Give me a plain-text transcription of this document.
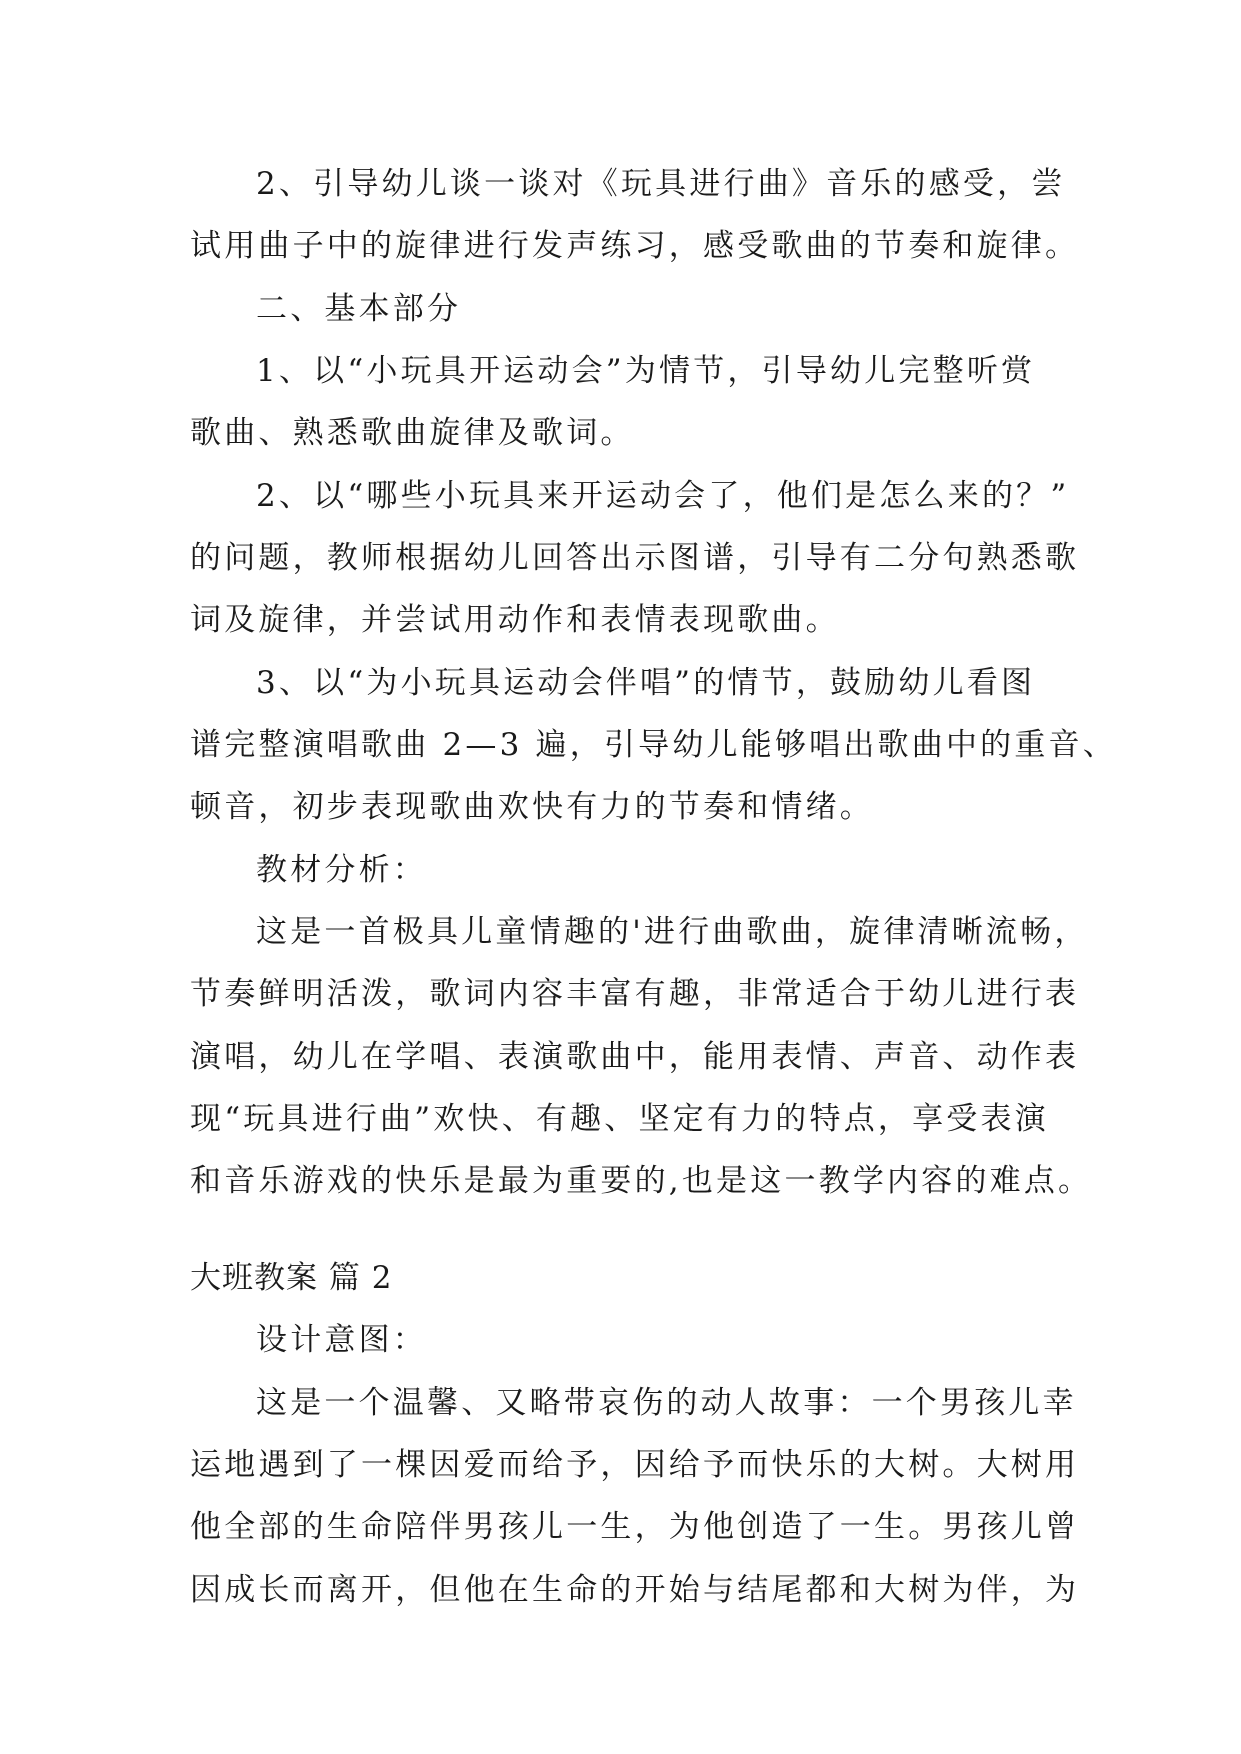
2、引导幼儿谈一谈对《玩具进行曲》音乐的感受，尝
试用曲子中的旋律进行发声练习，感受歌曲的节奏和旋律。
二、基本部分
1、以“小玩具开运动会”为情节，引导幼儿完整听赏
歌曲、熟悉歌曲旋律及歌词。
2、以“哪些小玩具来开运动会了，他们是怎么来的？”
的问题，教师根据幼儿回答出示图谱，引导有二分句熟悉歌
词及旋律，并尝试用动作和表情表现歌曲。
3、以“为小玩具运动会伴唱”的情节，鼓励幼儿看图
谱完整演唱歌曲 2—3 遍，引导幼儿能够唱出歌曲中的重音、
顿音，初步表现歌曲欢快有力的节奏和情绪。
教材分析：
这是一首极具儿童情趣的'进行曲歌曲，旋律清晰流畅，
节奏鲜明活泼，歌词内容丰富有趣，非常适合于幼儿进行表
演唱，幼儿在学唱、表演歌曲中，能用表情、声音、动作表
现“玩具进行曲”欢快、有趣、坚定有力的特点，享受表演
和音乐游戏的快乐是最为重要的,也是这一教学内容的难点。
大班教案 篇 2
设计意图：
这是一个温馨、又略带哀伤的动人故事：一个男孩儿幸
运地遇到了一棵因爱而给予，因给予而快乐的大树。大树用
他全部的生命陪伴男孩儿一生，为他创造了一生。男孩儿曾
因成长而离开，但他在生命的开始与结尾都和大树为伴，为
